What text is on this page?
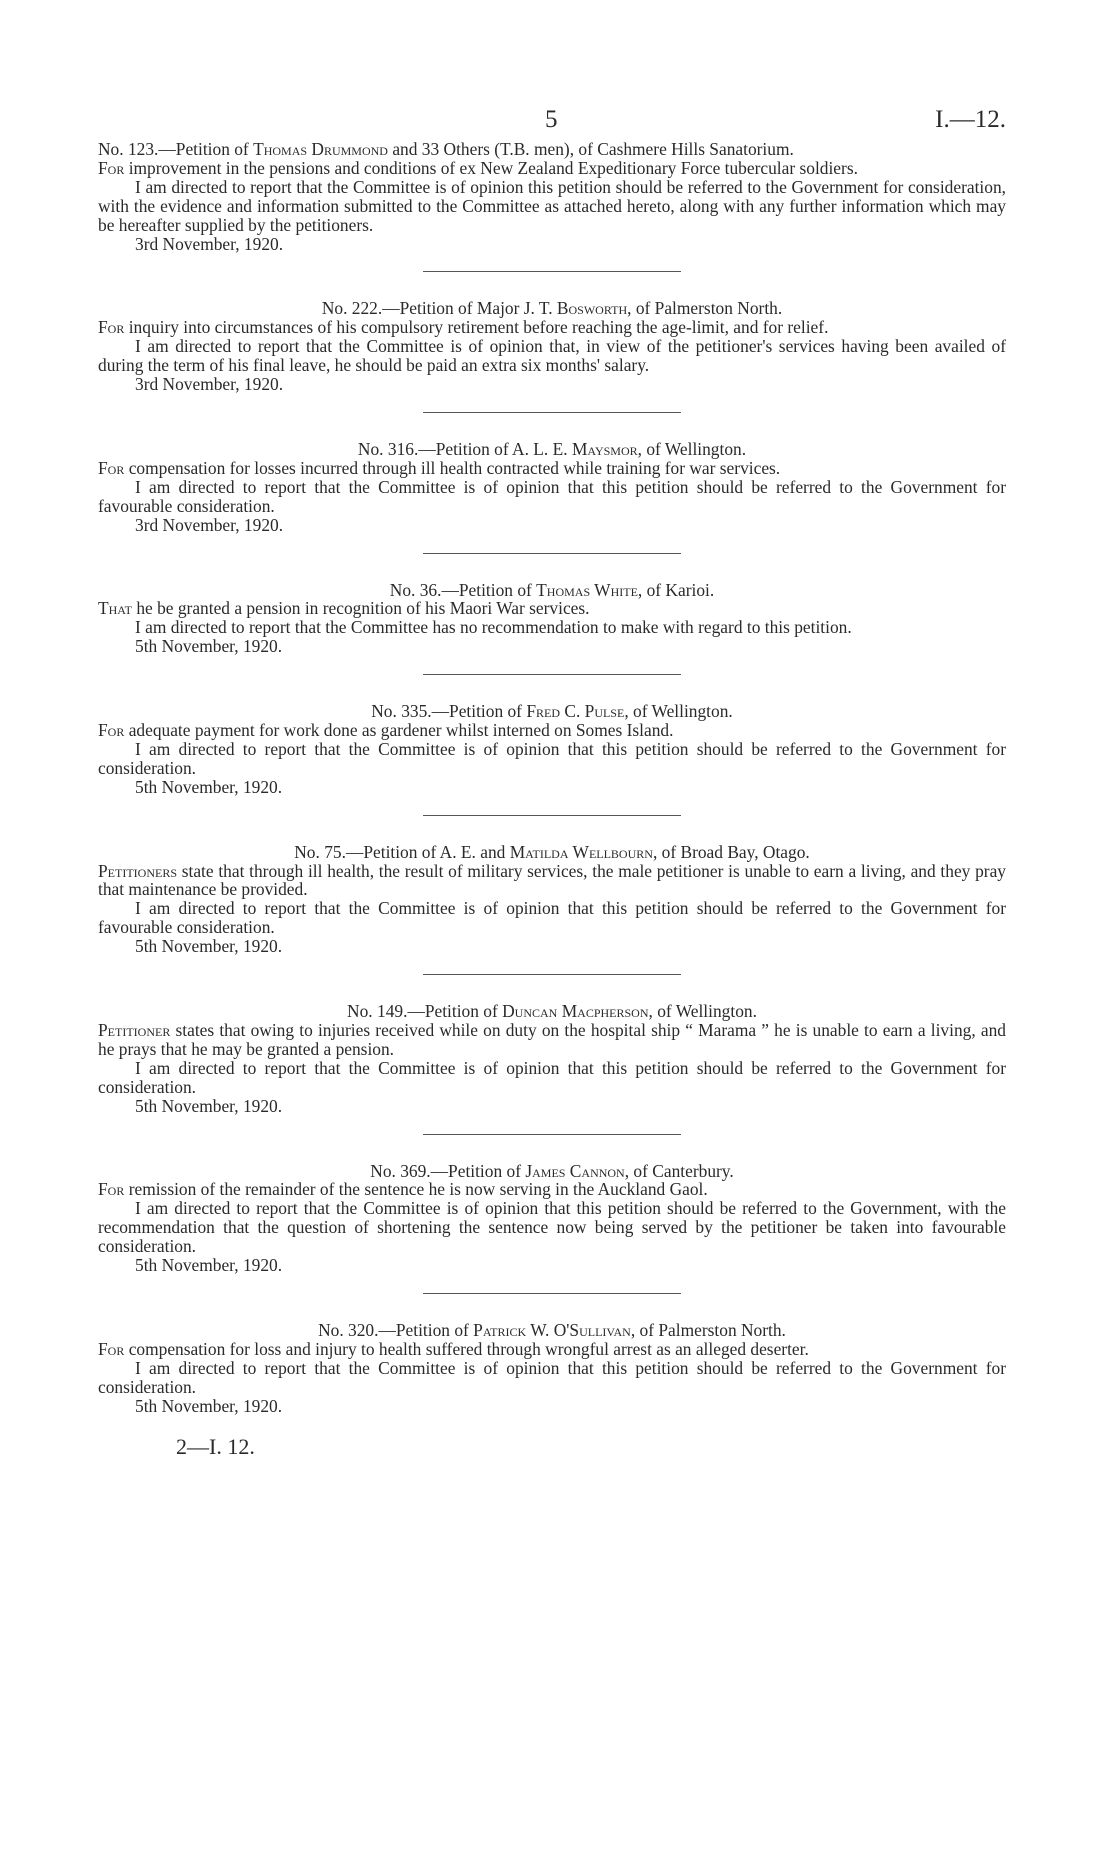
5	I.—12.

No. 123.—Petition of Thomas Drummond and 33 Others (T.B. men), of Cashmere Hills Sanatorium.

For improvement in the pensions and conditions of ex New Zealand Expeditionary Force tubercular soldiers.

I am directed to report that the Committee is of opinion this petition should be referred to the Government for consideration, with the evidence and information submitted to the Committee as attached hereto, along with any further information which may be hereafter supplied by the petitioners.

3rd November, 1920.

No. 222.—Petition of Major J. T. Bosworth, of Palmerston North.

For inquiry into circumstances of his compulsory retirement before reaching the age-limit, and for relief.

I am directed to report that the Committee is of opinion that, in view of the petitioner's services having been availed of during the term of his final leave, he should be paid an extra six months' salary.

3rd November, 1920.

No. 316.—Petition of A. L. E. Maysmor, of Wellington.

For compensation for losses incurred through ill health contracted while training for war services.

I am directed to report that the Committee is of opinion that this petition should be referred to the Government for favourable consideration.

3rd November, 1920.

No. 36.—Petition of Thomas White, of Karioi.

That he be granted a pension in recognition of his Maori War services.

I am directed to report that the Committee has no recommendation to make with regard to this petition.

5th November, 1920.

No. 335.—Petition of Fred C. Pulse, of Wellington.

For adequate payment for work done as gardener whilst interned on Somes Island.

I am directed to report that the Committee is of opinion that this petition should be referred to the Government for consideration.

5th November, 1920.

No. 75.—Petition of A. E. and Matilda Wellbourn, of Broad Bay, Otago.

Petitioners state that through ill health, the result of military services, the male petitioner is unable to earn a living, and they pray that maintenance be provided.

I am directed to report that the Committee is of opinion that this petition should be referred to the Government for favourable consideration.

5th November, 1920.

No. 149.—Petition of Duncan Macpherson, of Wellington.

Petitioner states that owing to injuries received while on duty on the hospital ship “ Marama ” he is unable to earn a living, and he prays that he may be granted a pension.

I am directed to report that the Committee is of opinion that this petition should be referred to the Government for consideration.

5th November, 1920.

No. 369.—Petition of James Cannon, of Canterbury.

For remission of the remainder of the sentence he is now serving in the Auckland Gaol.

I am directed to report that the Committee is of opinion that this petition should be referred to the Government, with the recommendation that the question of shortening the sentence now being served by the petitioner be taken into favourable consideration.

5th November, 1920.

No. 320.—Petition of Patrick W. O'Sullivan, of Palmerston North.

For compensation for loss and injury to health suffered through wrongful arrest as an alleged deserter.

I am directed to report that the Committee is of opinion that this petition should be referred to the Government for consideration.

5th November, 1920.

2—I. 12.
